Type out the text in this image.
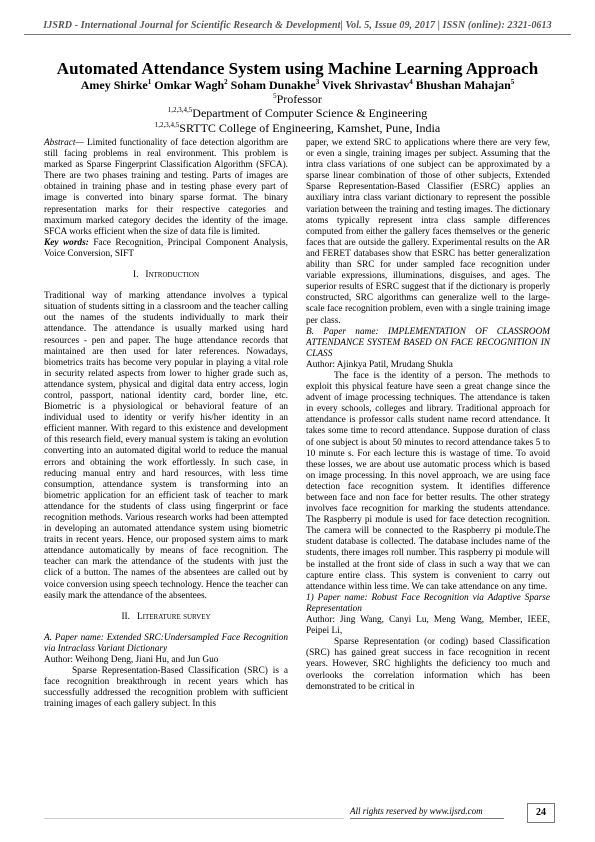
IJSRD - International Journal for Scientific Research & Development| Vol. 5, Issue 09, 2017 | ISSN (online): 2321-0613
Automated Attendance System using Machine Learning Approach
Amey Shirke$^1$ Omkar Wagh$^2$ Soham Dunakhe$^3$ Vivek Shrivastav$^4$ Bhushan Mahajan$^5$
$^5$Professor
$^{1,2,3,4,5}$Department of Computer Science & Engineering
$^{1,2,3,4,5}$SRTTC College of Engineering, Kamshet, Pune, India

Abstract— Limited functionality of face detection algorithm are still facing problems in real environment. This problem is marked as Sparse Fingerprint Classification Algorithm (SFCA). There are two phases training and testing. Parts of images are obtained in training phase and in testing phase every part of image is converted into binary sparse format. The binary representation marks for their respective categories and maximum marked category decides the identity of the image. SFCA works efficient when the size of data file is limited.

Key words: Face Recognition, Principal Component Analysis, Voice Conversion, SIFT

I. Introduction

Traditional way of marking attendance involves a typical situation of students sitting in a classroom and the teacher calling out the names of the students individually to mark their attendance. The attendance is usually marked using hard resources - pen and paper. The huge attendance records that maintained are then used for later references. Nowadays, biometrics traits has become very popular in playing a vital role in security related aspects from lower to higher grade such as, attendance system, physical and digital data entry access, login control, passport, national identity card, border line, etc. Biometric is a physiological or behavioral feature of an individual used to identity or verify his/her identity in an efficient manner. With regard to this existence and development of this research field, every manual system is taking an evolution converting into an automated digital world to reduce the manual errors and obtaining the work effortlessly. In such case, in reducing manual entry and hard resources, with less time consumption, attendance system is transforming into an biometric application for an efficient task of teacher to mark attendance for the students of class using fingerprint or face recognition methods. Various research works had been attempted in developing an automated attendance system using biometric traits in recent years. Hence, our proposed system aims to mark attendance automatically by means of face recognition. The teacher can mark the attendance of the students with just the click of a button. The names of the absentees are called out by voice conversion using speech technology. Hence the teacher can easily mark the attendance of the absentees.

II. Literature survey

A. Paper name: Extended SRC:Undersampled Face Recognition via Intraclass Variant Dictionary

Author: Weihong Deng, Jiani Hu, and Jun Guo

Sparse Representation-Based Classification (SRC) is a face recognition breakthrough in recent years which has successfully addressed the recognition problem with sufficient training images of each gallery subject. In this

paper, we extend SRC to applications where there are very few, or even a single, training images per subject. Assuming that the intra class variations of one subject can be approximated by a sparse linear combination of those of other subjects, Extended Sparse Representation-Based Classifier (ESRC) applies an auxiliary intra class variant dictionary to represent the possible variation between the training and testing images. The dictionary atoms typically represent intra class sample differences computed from either the gallery faces themselves or the generic faces that are outside the gallery. Experimental results on the AR and FERET databases show that ESRC has better generalization ability than SRC for under sampled face recognition under variable expressions, illuminations, disguises, and ages. The superior results of ESRC suggest that if the dictionary is properly constructed, SRC algorithms can generalize well to the large-scale face recognition problem, even with a single training image per class.

B. Paper name: IMPLEMENTATION OF CLASSROOM ATTENDANCE SYSTEM BASED ON FACE RECOGNITION IN CLASS

Author: Ajinkya Patil, Mrudang Shukla

The face is the identity of a person. The methods to exploit this physical feature have seen a great change since the advent of image processing techniques. The attendance is taken in every schools, colleges and library. Traditional approach for attendance is professor calls student name record attendance. It takes some time to record attendance. Suppose duration of class of one subject is about 50 minutes to record attendance takes 5 to 10 minute s. For each lecture this is wastage of time. To avoid these losses, we are about use automatic process which is based on image processing. In this novel approach, we are using face detection face recognition system. It identifies difference between face and non face for better results. The other strategy involves face recognition for marking the students attendance. The Raspberry pi module is used for face detection recognition. The camera will be connected to the Raspberry pi module.The student database is collected. The database includes name of the students, there images roll number. This raspberry pi module will be installed at the front side of class in such a way that we can capture entire class. This system is convenient to carry out attendance within less time. We can take attendance on any time.

1) Paper name: Robust Face Recognition via Adaptive Sparse Representation

Author: Jing Wang, Canyi Lu, Meng Wang, Member, IEEE, Peipei Li,

Sparse Representation (or coding) based Classification (SRC) has gained great success in face recognition in recent years. However, SRC highlights the deficiency too much and overlooks the correlation information which has been demonstrated to be critical in

All rights reserved by www.ijsrd.com	24
